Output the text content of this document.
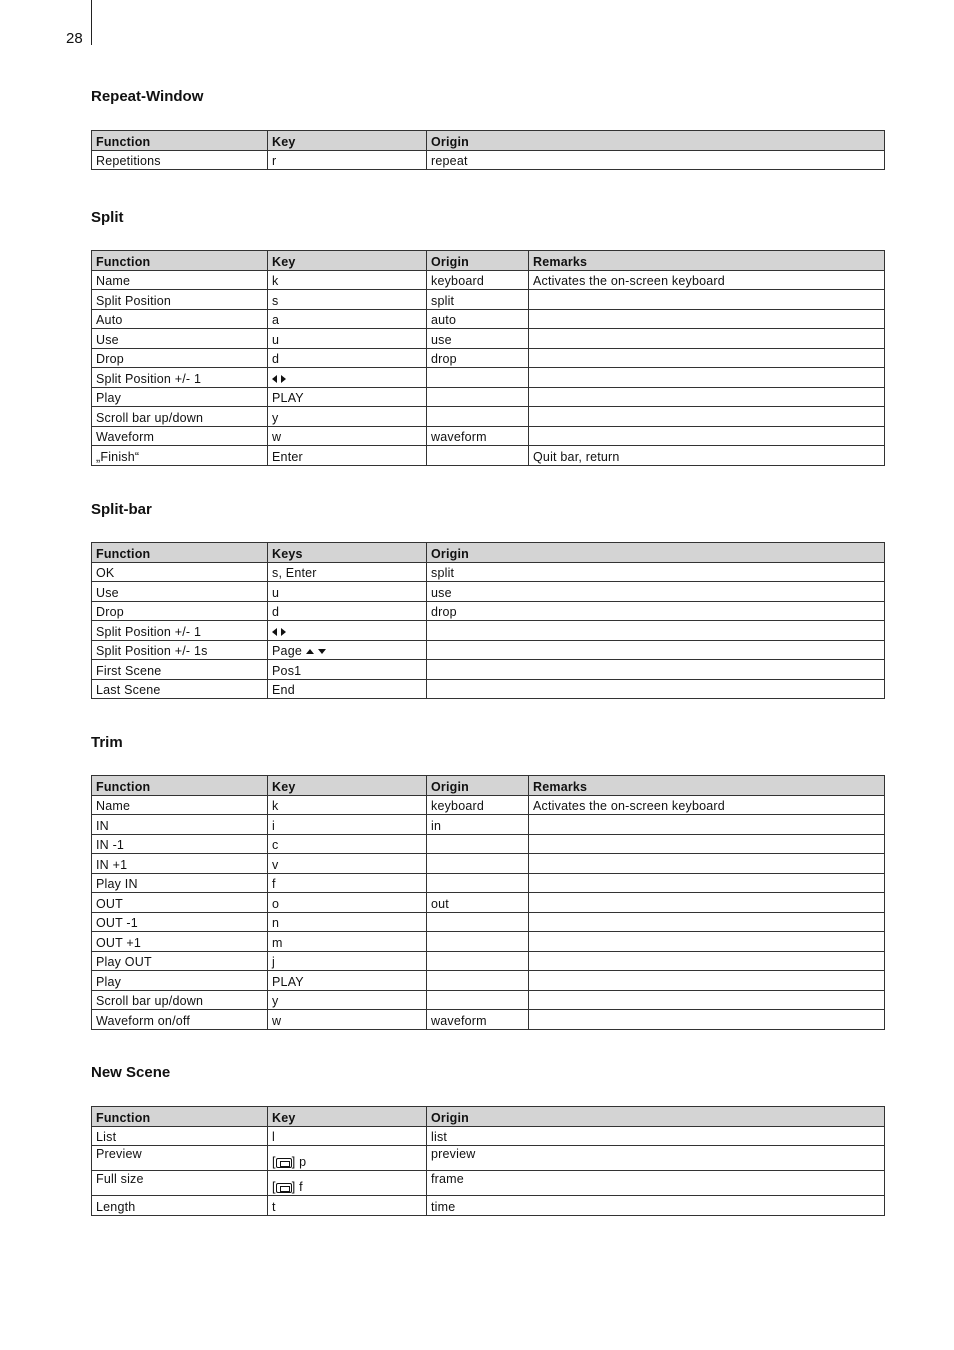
28
Repeat-Window
Function	Key	Origin
Repetitions	r	repeat
Split
Function	Key	Origin	Remarks
Name	k	keyboard	Activates the on-screen keyboard
Split Position	s	split	
Auto	a	auto	
Use	u	use	
Drop	d	drop	
Split Position +/- 1			
Play	PLAY		
Scroll bar up/down	y		
Waveform	w	waveform	
„Finish“	Enter		Quit bar, return
Split-bar
Function	Keys	Origin
OK	s, Enter	split
Use	u	use
Drop	d	drop
Split Position +/- 1		
Split Position +/- 1s	Page	
First Scene	Pos1	
Last Scene	End	
Trim
Function	Key	Origin	Remarks
Name	k	keyboard	Activates the on-screen keyboard
IN	i	in	
IN -1	c		
IN +1	v		
Play IN	f		
OUT	o	out	
OUT -1	n		
OUT +1	m		
Play OUT	j		
Play	PLAY		
Scroll bar up/down	y		
Waveform on/off	w	waveform	
New Scene
Function	Key	Origin
List	l	list
Preview	[ ] p	preview
Full size	[ ] f	frame
Length	t	time
